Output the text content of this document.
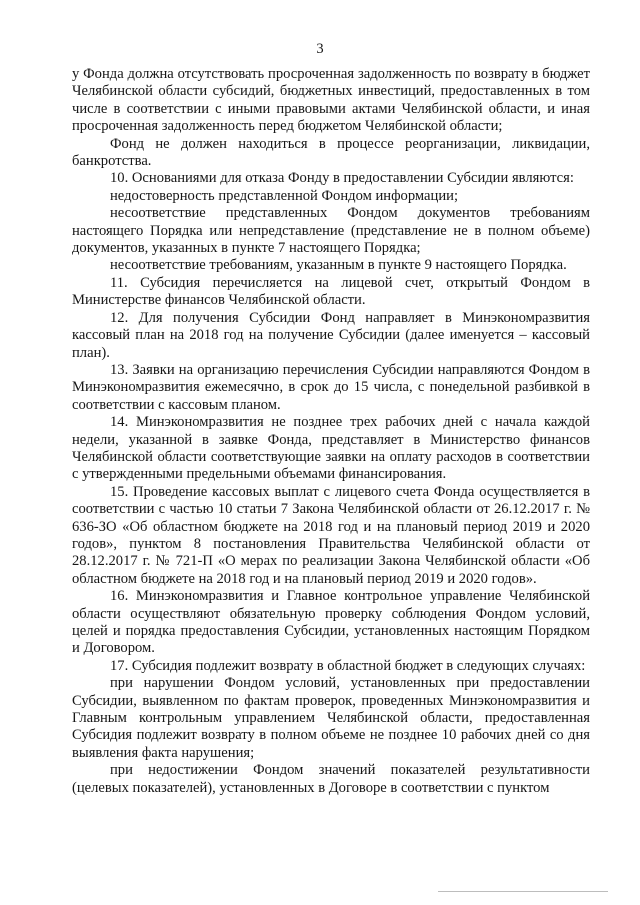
3

у Фонда должна отсутствовать просроченная задолженность по возврату в бюджет Челябинской области субсидий, бюджетных инвестиций, предоставленных в том числе в соответствии с иными правовыми актами Челябинской области, и иная просроченная задолженность перед бюджетом Челябинской области;

Фонд не должен находиться в процессе реорганизации, ликвидации, банкротства.

10. Основаниями для отказа Фонду в предоставлении Субсидии являются:

недостоверность представленной Фондом информации;

несоответствие представленных Фондом документов требованиям настоящего Порядка или непредставление (представление не в полном объеме) документов, указанных в пункте 7 настоящего Порядка;

несоответствие требованиям, указанным в пункте 9 настоящего Порядка.

11. Субсидия перечисляется на лицевой счет, открытый Фондом в Министерстве финансов Челябинской области.

12. Для получения Субсидии Фонд направляет в Минэкономразвития кассовый план на 2018 год на получение Субсидии (далее именуется – кассовый план).

13. Заявки на организацию перечисления Субсидии направляются Фондом в Минэкономразвития ежемесячно, в срок до 15 числа, с понедельной разбивкой в соответствии с кассовым планом.

14. Минэкономразвития не позднее трех рабочих дней с начала каждой недели, указанной в заявке Фонда, представляет в Министерство финансов Челябинской области соответствующие заявки на оплату расходов в соответствии с утвержденными предельными объемами финансирования.

15. Проведение кассовых выплат с лицевого счета Фонда осуществляется в соответствии с частью 10 статьи 7 Закона Челябинской области от 26.12.2017 г. № 636-ЗО «Об областном бюджете на 2018 год и на плановый период 2019 и 2020 годов», пунктом 8 постановления Правительства Челябинской области от 28.12.2017 г. № 721-П «О мерах по реализации Закона Челябинской области «Об областном бюджете на 2018 год и на плановый период 2019 и 2020 годов».

16. Минэкономразвития и Главное контрольное управление Челябинской области осуществляют обязательную проверку соблюдения Фондом условий, целей и порядка предоставления Субсидии, установленных настоящим Порядком и Договором.

17. Субсидия подлежит возврату в областной бюджет в следующих случаях:

при нарушении Фондом условий, установленных при предоставлении Субсидии, выявленном по фактам проверок, проведенных Минэкономразвития и Главным контрольным управлением Челябинской области, предоставленная Субсидия подлежит возврату в полном объеме не позднее 10 рабочих дней со дня выявления факта нарушения;

при недостижении Фондом значений показателей результативности (целевых показателей), установленных в Договоре в соответствии с пунктом
